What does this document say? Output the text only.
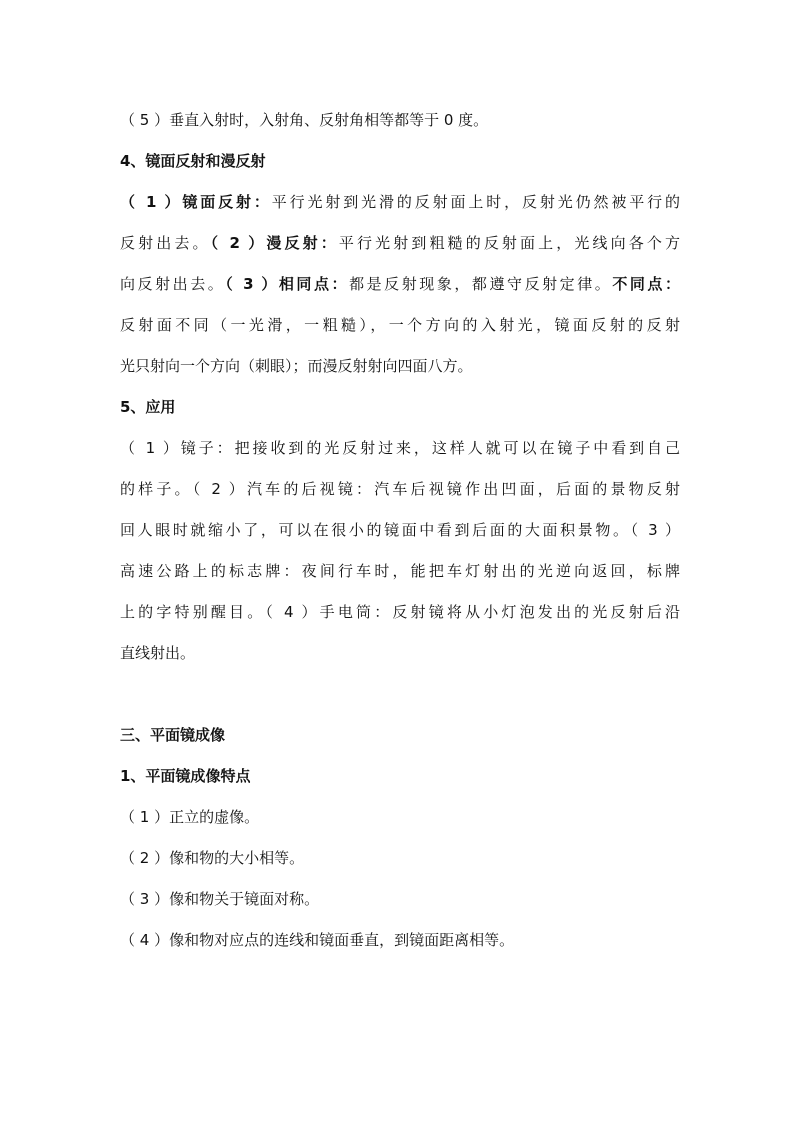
（ 5 ）垂直入射时，入射角、反射角相等都等于 0 度。
4、镜面反射和漫反射
（ 1 ）镜面反射：平行光射到光滑的反射面上时，反射光仍然被平行的
反射出去。（ 2 ）漫反射：平行光射到粗糙的反射面上，光线向各个方
向反射出去。（ 3 ）相同点：都是反射现象，都遵守反射定律。不同点：
反射面不同（一光滑，一粗糙），一个方向的入射光，镜面反射的反射
光只射向一个方向（刺眼）；而漫反射射向四面八方。
5、应用
（ 1 ）镜子：把接收到的光反射过来，这样人就可以在镜子中看到自己
的样子。（ 2 ）汽车的后视镜：汽车后视镜作出凹面，后面的景物反射
回人眼时就缩小了，可以在很小的镜面中看到后面的大面积景物。（ 3 ）
高速公路上的标志牌：夜间行车时，能把车灯射出的光逆向返回，标牌
上的字特别醒目。（ 4 ）手电筒：反射镜将从小灯泡发出的光反射后沿
直线射出。
三、平面镜成像
1、平面镜成像特点
（ 1 ）正立的虚像。
（ 2 ）像和物的大小相等。
（ 3 ）像和物关于镜面对称。
（ 4 ）像和物对应点的连线和镜面垂直，到镜面距离相等。
